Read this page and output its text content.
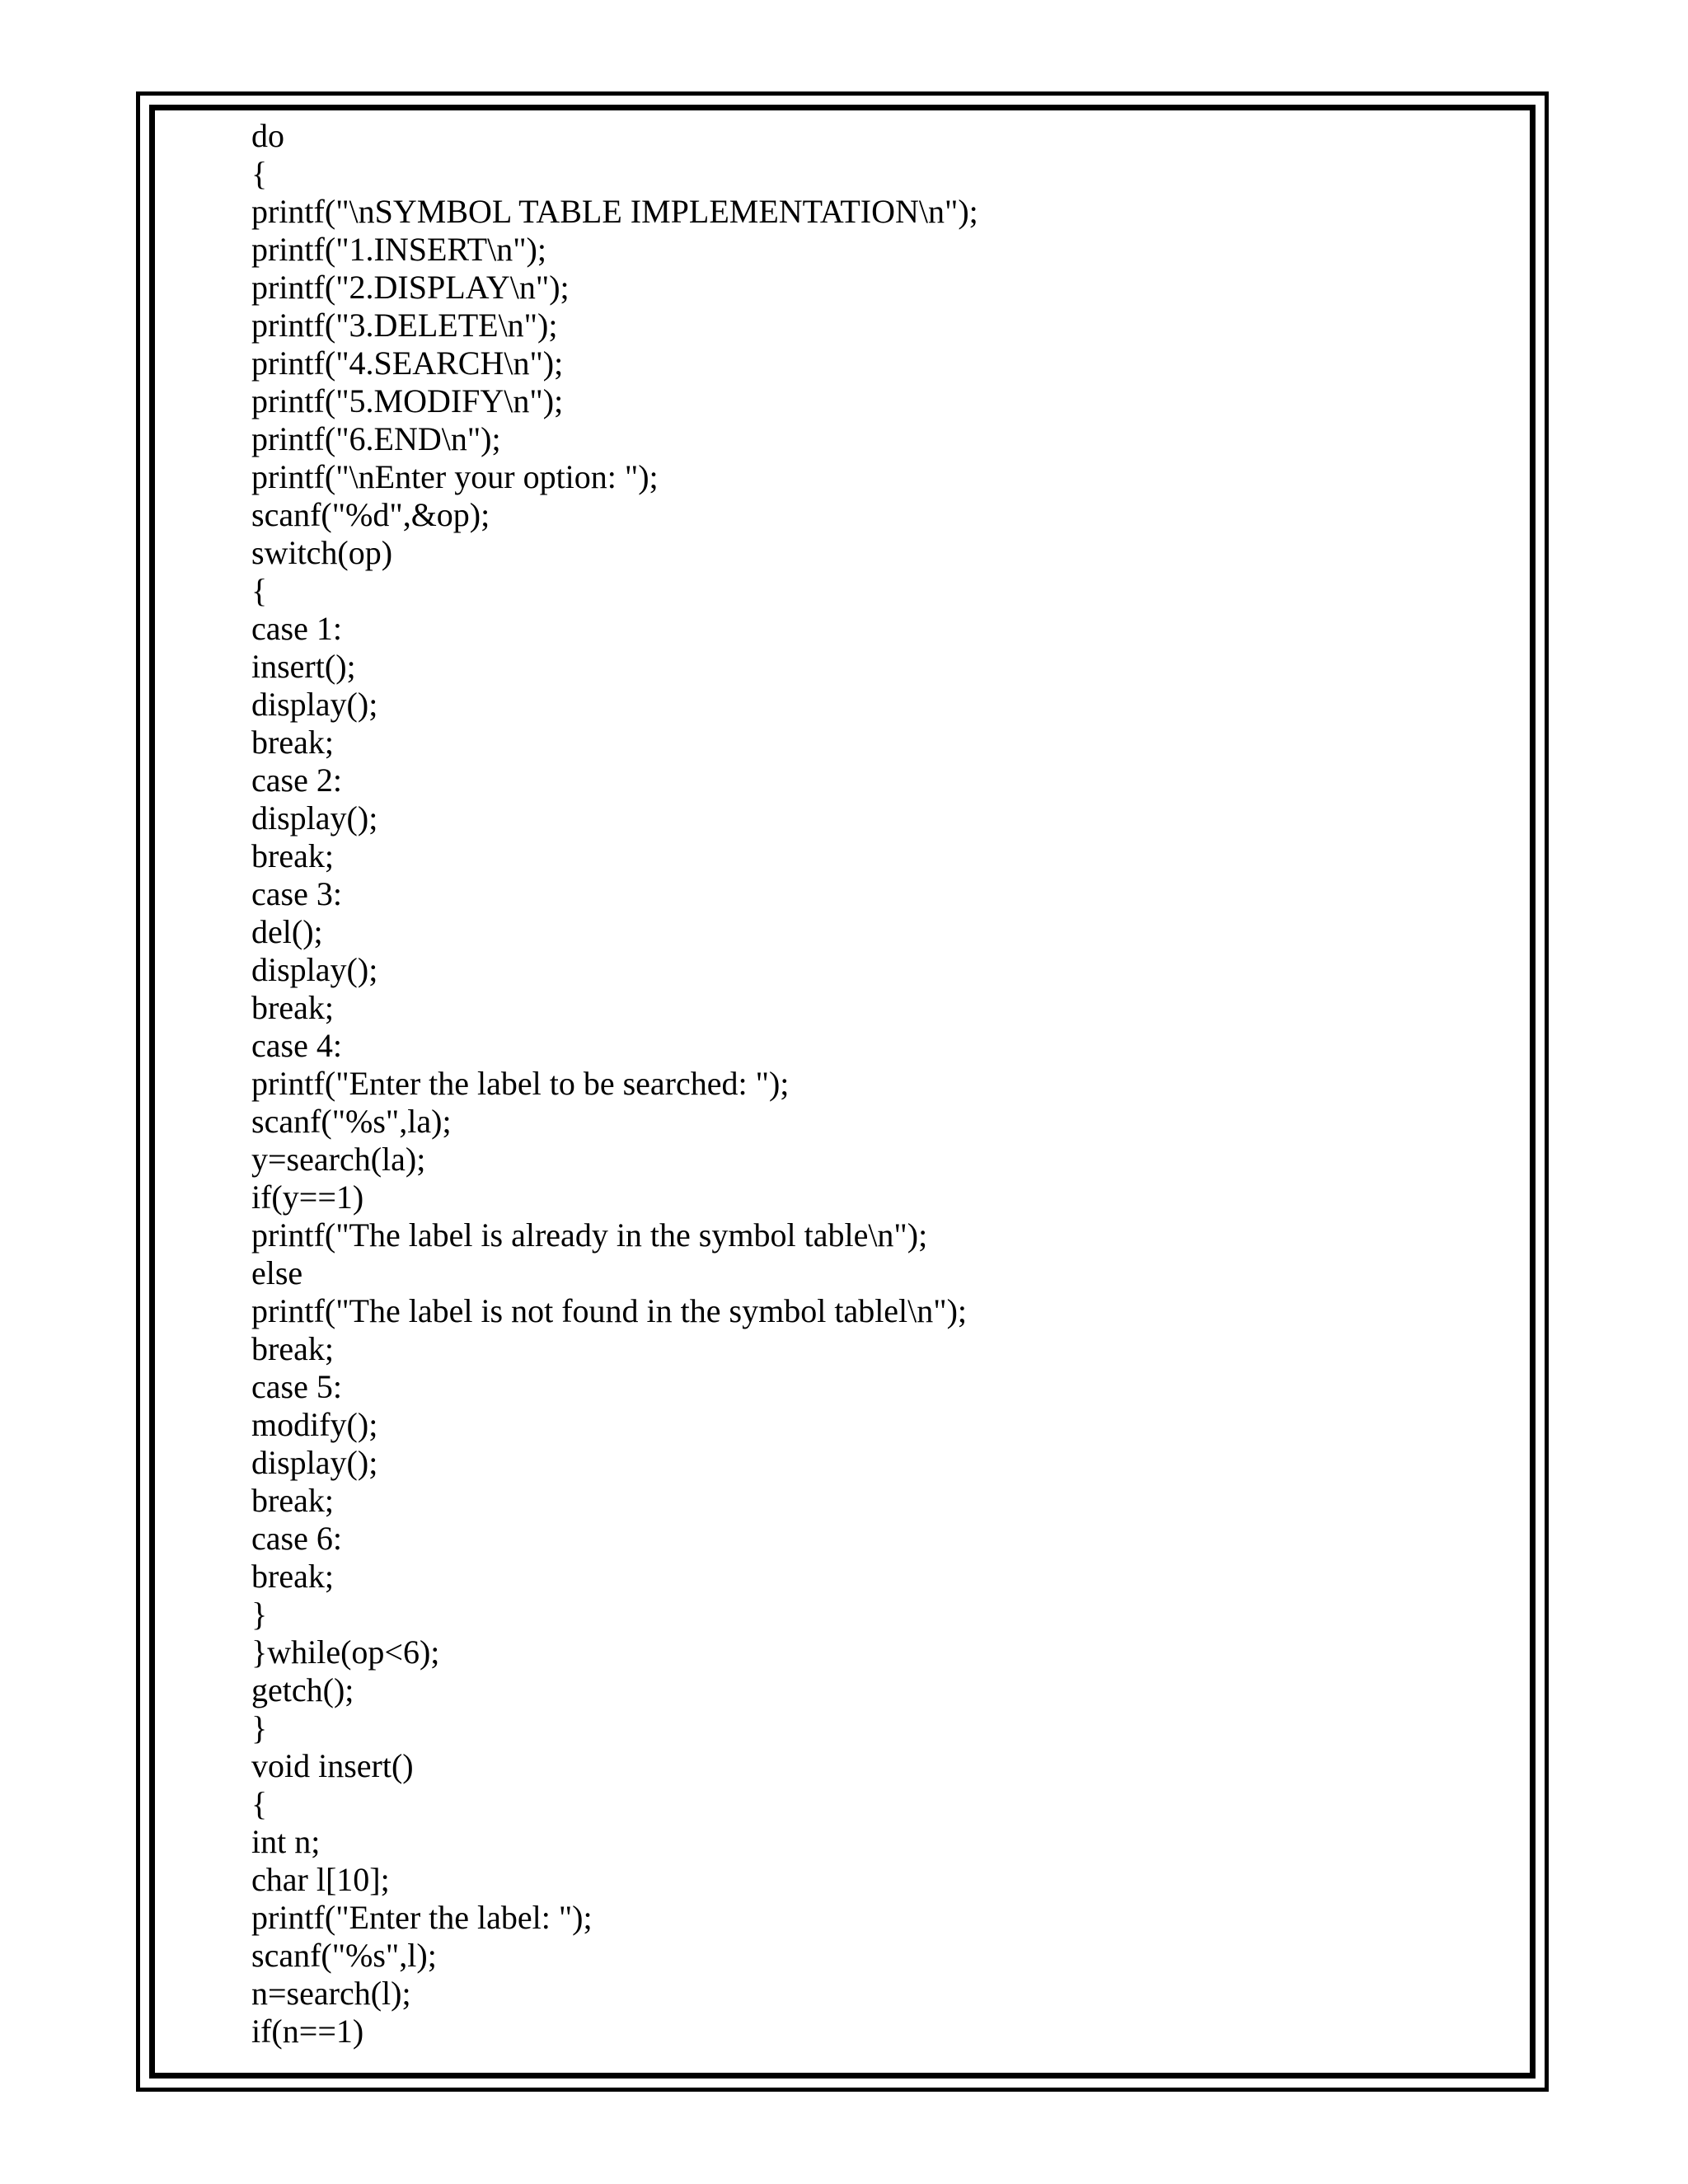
do
{
printf("\nSYMBOL TABLE IMPLEMENTATION\n");
printf("1.INSERT\n");
printf("2.DISPLAY\n");
printf("3.DELETE\n");
printf("4.SEARCH\n");
printf("5.MODIFY\n");
printf("6.END\n");
printf("\nEnter your option: ");
scanf("%d",&op);
switch(op)
{
case 1:
insert();
display();
break;
case 2:
display();
break;
case 3:
del();
display();
break;
case 4:
printf("Enter the label to be searched: ");
scanf("%s",la);
y=search(la);
if(y==1)
printf("The label is already in the symbol table\n");
else
printf("The label is not found in the symbol tablel\n");
break;
case 5:
modify();
display();
break;
case 6:
break;
}
}while(op<6);
getch();
}
void insert()
{
int n;
char l[10];
printf("Enter the label: ");
scanf("%s",l);
n=search(l);
if(n==1)
